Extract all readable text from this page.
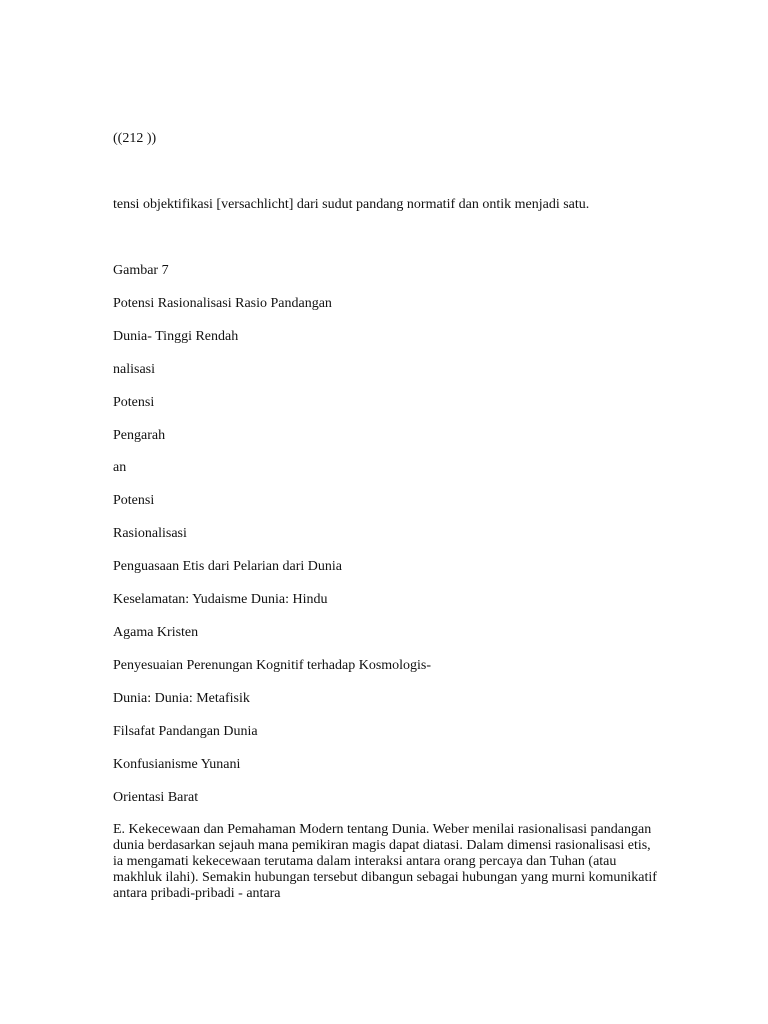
((212 ))
tensi objektifikasi [versachlicht] dari sudut pandang normatif dan ontik menjadi satu.
Gambar 7
Potensi Rasionalisasi Rasio Pandangan
Dunia- Tinggi Rendah
nalisasi
Potensi
Pengarah
an
Potensi
Rasionalisasi
Penguasaan Etis dari Pelarian dari Dunia
Keselamatan: Yudaisme Dunia: Hindu
Agama Kristen
Penyesuaian Perenungan Kognitif terhadap Kosmologis-
Dunia: Dunia: Metafisik
Filsafat Pandangan Dunia
Konfusianisme Yunani
Orientasi Barat
E. Kekecewaan dan Pemahaman Modern tentang Dunia. Weber menilai rasionalisasi pandangan dunia berdasarkan sejauh mana pemikiran magis dapat diatasi. Dalam dimensi rasionalisasi etis, ia mengamati kekecewaan terutama dalam interaksi antara orang percaya dan Tuhan (atau makhluk ilahi). Semakin hubungan tersebut dibangun sebagai hubungan yang murni komunikatif antara pribadi-pribadi - antara
